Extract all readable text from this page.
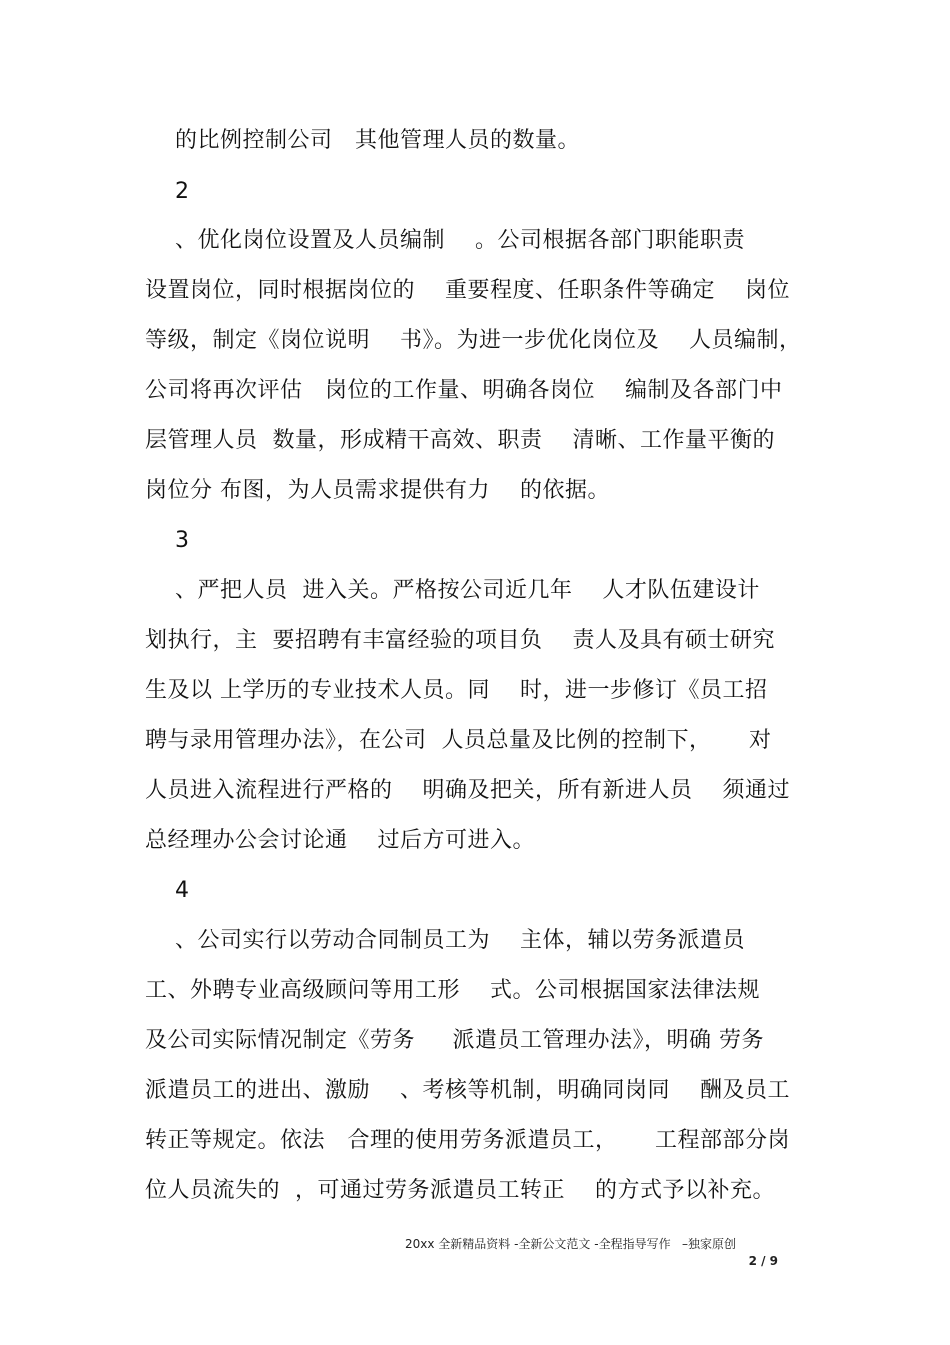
的比例控制公司   其他管理人员的数量。
2
、优化岗位设置及人员编制    。公司根据各部门职能职责
设置岗位，同时根据岗位的    重要程度、任职条件等确定    岗位
等级，制定《岗位说明    书》。为进一步优化岗位及    人员编制，
公司将再次评估   岗位的工作量、明确各岗位    编制及各部门中
层管理人员  数量，形成精干高效、职责    清晰、工作量平衡的
岗位分 布图，为人员需求提供有力    的依据。
3
、严把人员  进入关。严格按公司近几年    人才队伍建设计
划执行，主  要招聘有丰富经验的项目负    责人及具有硕士研究
生及以 上学历的专业技术人员。同    时，进一步修订《员工招
聘与录用管理办法》，在公司  人员总量及比例的控制下，     对
人员进入流程进行严格的    明确及把关，所有新进人员    须通过
总经理办公会讨论通    过后方可进入。
4
、公司实行以劳动合同制员工为    主体，辅以劳务派遣员
工、外聘专业高级顾问等用工形    式。公司根据国家法律法规
及公司实际情况制定《劳务     派遣员工管理办法》，明确 劳务
派遣员工的进出、激励    、考核等机制，明确同岗同    酬及员工
转正等规定。依法   合理的使用劳务派遣员工，     工程部部分岗
位人员流失的  ，可通过劳务派遣员工转正    的方式予以补充。
20xx 全新精品资料 -全新公文范文 -全程指导写作   –独家原创
2 / 9
